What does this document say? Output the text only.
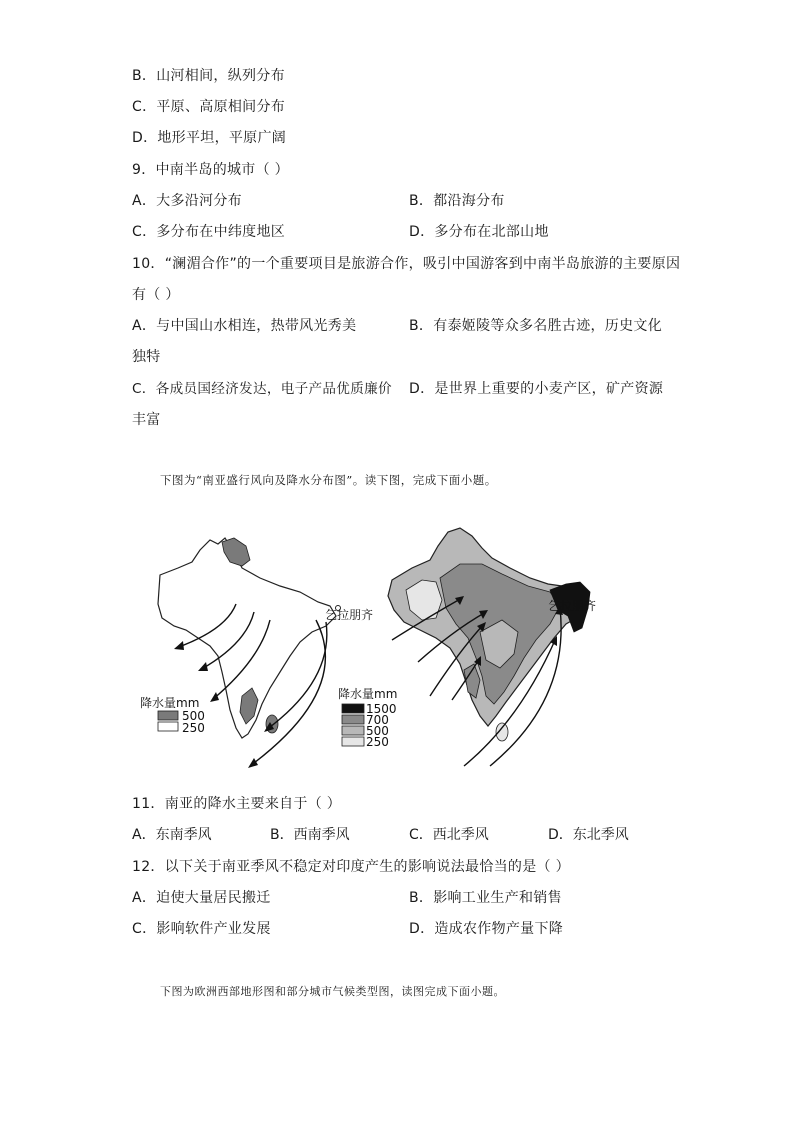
B．山河相间，纵列分布
C．平原、高原相间分布
D．地形平坦，平原广阔
9．中南半岛的城市（ ）
A．大多沿河分布	B．都沿海分布
C．多分布在中纬度地区	D．多分布在北部山地
10．“澜湄合作”的一个重要项目是旅游合作，吸引中国游客到中南半岛旅游的主要原因
有（ ）
A．与中国山水相连，热带风光秀美	B．有泰姬陵等众多名胜古迹，历史文化
独特
C．各成员国经济发达，电子产品优质廉价 D．是世界上重要的小麦产区，矿产资源
丰富
下图为“南亚盛行风向及降水分布图”。读下图，完成下面小题。
乞拉朋齐
降水量mm
500
250
乞拉朋齐
降水量mm
1500
700
500
250
11．南亚的降水主要来自于（ ）
A．东南季风	B．西南季风	C．西北季风	D．东北季风
12．以下关于南亚季风不稳定对印度产生的影响说法最恰当的是（ ）
A．迫使大量居民搬迁	B．影响工业生产和销售
C．影响软件产业发展	D．造成农作物产量下降
下图为欧洲西部地形图和部分城市气候类型图，读图完成下面小题。
